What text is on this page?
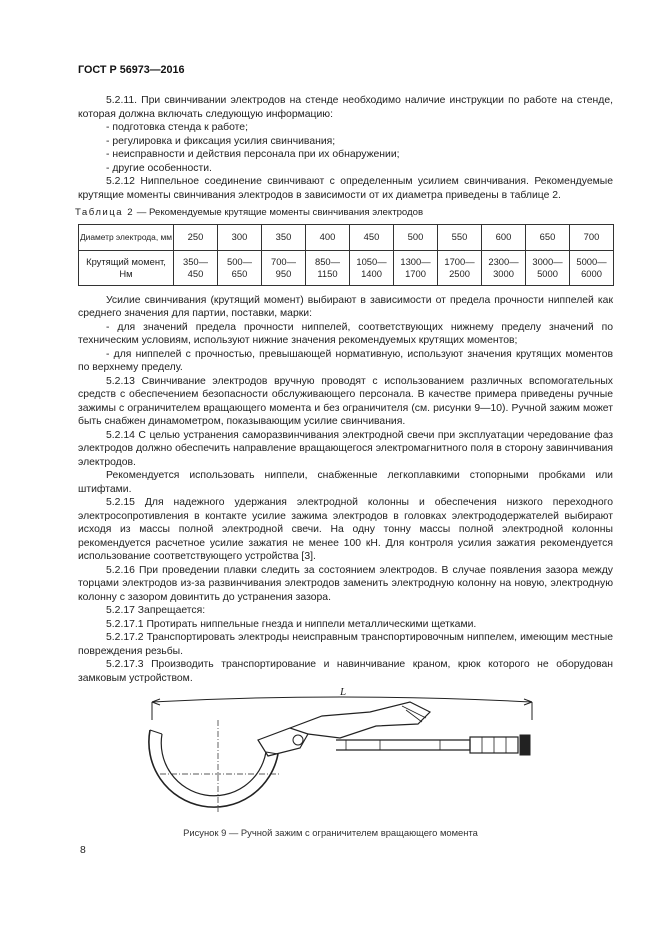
ГОСТ Р 56973—2016

5.2.11. При свинчивании электродов на стенде необходимо наличие инструкции по работе на стенде, которая должна включать следующую информацию:

- подготовка стенда к работе;

- регулировка и фиксация усилия свинчивания;

- неисправности и действия персонала при их обнаружении;

- другие особенности.

5.2.12 Ниппельное соединение свинчивают с определенным усилием свинчивания. Рекомендуемые крутящие моменты свинчивания электродов в зависимости от их диаметра приведены в таблице 2.

Таблица 2 — Рекомендуемые крутящие моменты свинчивания электродов

Диаметр электрода, мм	250	300	350	400	450	500	550	600	650	700
Крутящий момент, Нм	350—
450	500—
650	700—
950	850—
1150	1050—
1400	1300—
1700	1700—
2500	2300—
3000	3000—
5000	5000—
6000

Усилие свинчивания (крутящий момент) выбирают в зависимости от предела прочности ниппелей как среднего значения для партии, поставки, марки:

- для значений предела прочности ниппелей, соответствующих нижнему пределу значений по техническим условиям, используют нижние значения рекомендуемых крутящих моментов;

- для ниппелей с прочностью, превышающей нормативную, используют значения крутящих моментов по верхнему пределу.

5.2.13 Свинчивание электродов вручную проводят с использованием различных вспомогательных средств с обеспечением безопасности обслуживающего персонала. В качестве примера приведены ручные зажимы с ограничителем вращающего момента и без ограничителя (см. рисунки 9—10). Ручной зажим может быть снабжен динамометром, показывающим усилие свинчивания.

5.2.14 С целью устранения саморазвинчивания электродной свечи при эксплуатации чередование фаз электродов должно обеспечить направление вращающегося электромагнитного поля в сторону завинчивания электродов.

Рекомендуется использовать ниппели, снабженные легкоплавкими стопорными пробками или штифтами.

5.2.15 Для надежного удержания электродной колонны и обеспечения низкого переходного электросопротивления в контакте усилие зажима электродов в головках электрододержателей выбирают исходя из массы полной электродной свечи. На одну тонну массы полной электродной колонны рекомендуется расчетное усилие зажатия не менее 100 кН. Для контроля усилия зажатия рекомендуется использование соответствующего устройства [3].

5.2.16 При проведении плавки следить за состоянием электродов. В случае появления зазора между торцами электродов из-за развинчивания электродов заменить электродную колонну на новую, электродную колонну с зазором довинтить до устранения зазора.

5.2.17 Запрещается:

5.2.17.1 Протирать ниппельные гнезда и ниппели металлическими щетками.

5.2.17.2 Транспортировать электроды неисправным транспортировочным ниппелем, имеющим местные повреждения резьбы.

5.2.17.3 Производить транспортирование и навинчивание краном, крюк которого не оборудован замковым устройством.

L
Рисунок 9 — Ручной зажим с ограничителем вращающего момента
8
